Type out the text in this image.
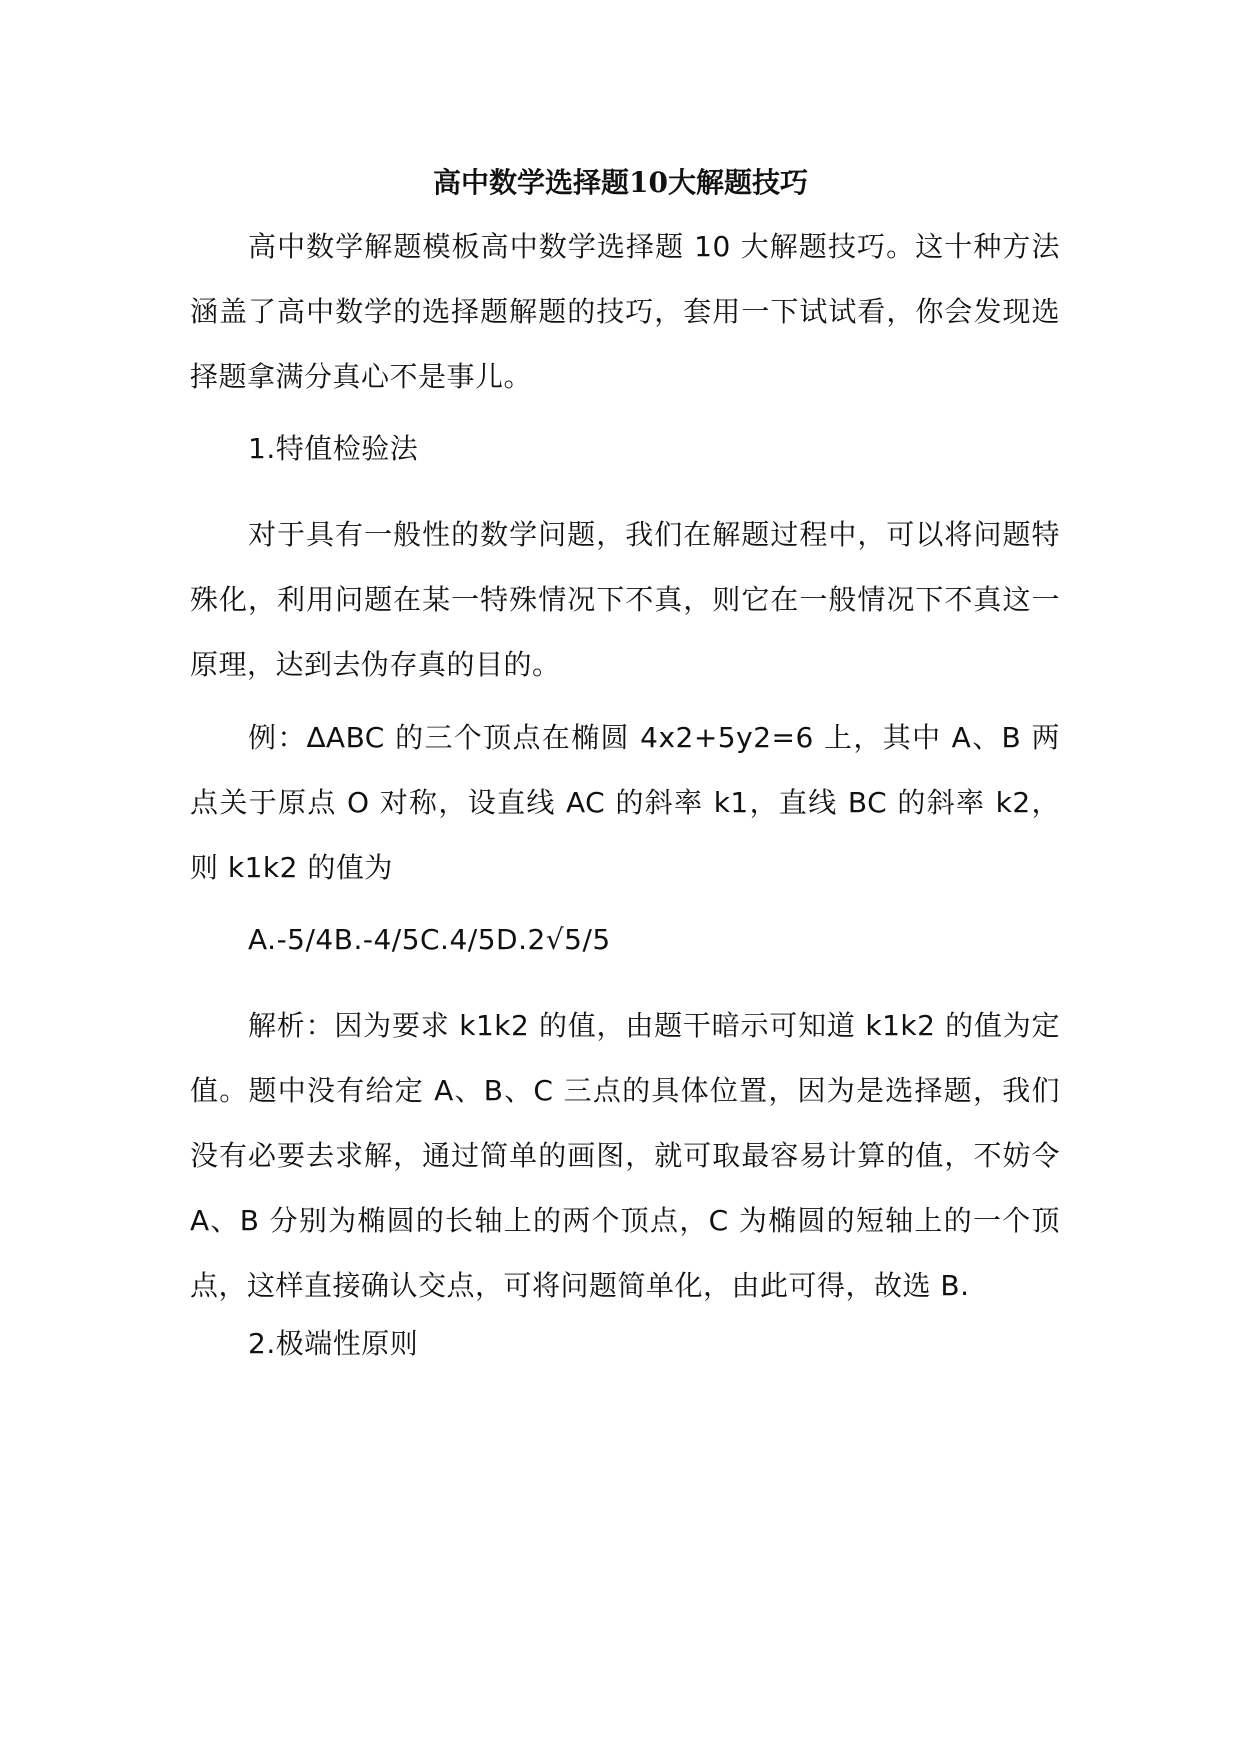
高中数学选择题10大解题技巧

高中数学解题模板高中数学选择题 10 大解题技巧。这十种方法涵盖了高中数学的选择题解题的技巧，套用一下试试看，你会发现选择题拿满分真心不是事儿。

1.特值检验法

对于具有一般性的数学问题，我们在解题过程中，可以将问题特殊化，利用问题在某一特殊情况下不真，则它在一般情况下不真这一原理，达到去伪存真的目的。

例：∆ABC 的三个顶点在椭圆 4x2+5y2=6 上，其中 A、B 两点关于原点 O 对称，设直线 AC 的斜率 k1，直线 BC 的斜率 k2，则 k1k2 的值为

A.-5/4B.-4/5C.4/5D.2√5/5

解析：因为要求 k1k2 的值，由题干暗示可知道 k1k2 的值为定值。题中没有给定 A、B、C 三点的具体位置，因为是选择题，我们没有必要去求解，通过简单的画图，就可取最容易计算的值，不妨令 A、B 分别为椭圆的长轴上的两个顶点，C 为椭圆的短轴上的一个顶点，这样直接确认交点，可将问题简单化，由此可得，故选 B.

2.极端性原则
